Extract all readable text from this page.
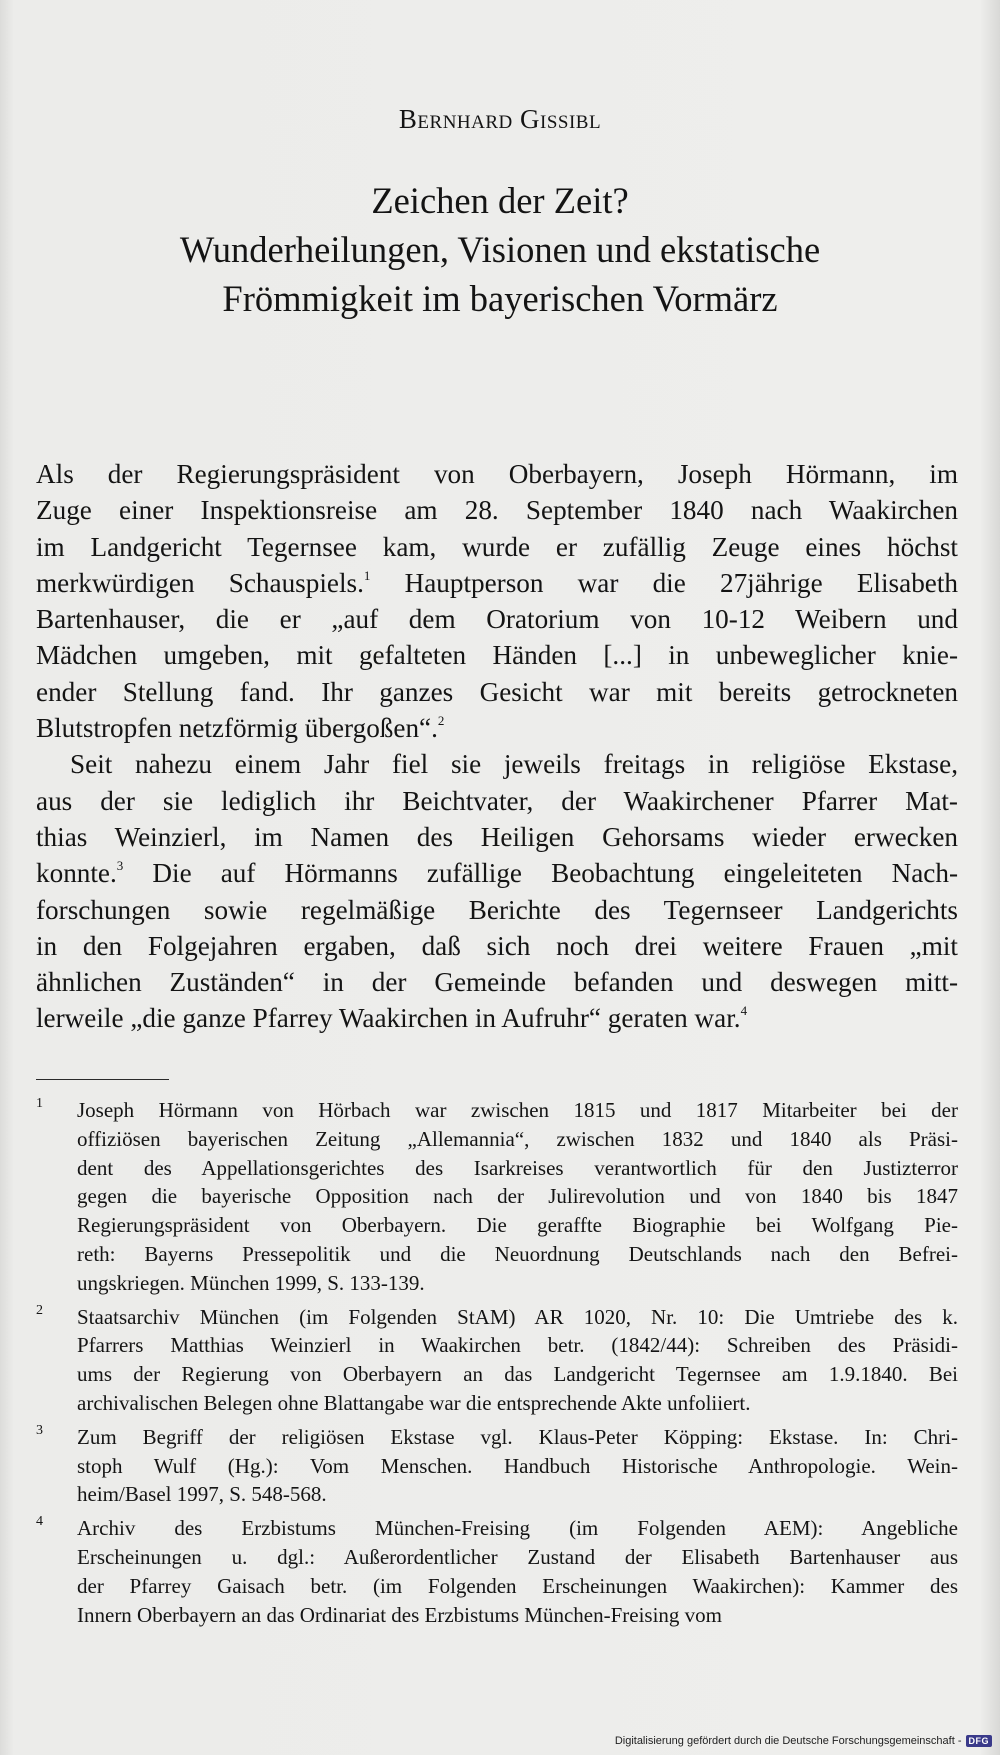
Bernhard Gissibl
Zeichen der Zeit?
Wunderheilungen, Visionen und ekstatische
Frömmigkeit im bayerischen Vormärz
Als der Regierungspräsident von Oberbayern, Joseph Hörmann, im
Zuge einer Inspektionsreise am 28. September 1840 nach Waakirchen
im Landgericht Tegernsee kam, wurde er zufällig Zeuge eines höchst
merkwürdigen Schauspiels.$^1$ Hauptperson war die 27jährige Elisabeth
Bartenhauser, die er „auf dem Oratorium von 10-12 Weibern und
Mädchen umgeben, mit gefalteten Händen [...] in unbeweglicher knie-
ender Stellung fand. Ihr ganzes Gesicht war mit bereits getrockneten
Blutstropfen netzförmig übergoßen“.$^2$
Seit nahezu einem Jahr fiel sie jeweils freitags in religiöse Ekstase,
aus der sie lediglich ihr Beichtvater, der Waakirchener Pfarrer Mat-
thias Weinzierl, im Namen des Heiligen Gehorsams wieder erwecken
konnte.$^3$ Die auf Hörmanns zufällige Beobachtung eingeleiteten Nach-
forschungen sowie regelmäßige Berichte des Tegernseer Landgerichts
in den Folgejahren ergaben, daß sich noch drei weitere Frauen „mit
ähnlichen Zuständen“ in der Gemeinde befanden und deswegen mitt-
lerweile „die ganze Pfarrey Waakirchen in Aufruhr“ geraten war.$^4$
1 Joseph Hörmann von Hörbach war zwischen 1815 und 1817 Mitarbeiter bei der
offiziösen bayerischen Zeitung „Allemannia“, zwischen 1832 und 1840 als Präsi-
dent des Appellationsgerichtes des Isarkreises verantwortlich für den Justizterror
gegen die bayerische Opposition nach der Julirevolution und von 1840 bis 1847
Regierungspräsident von Oberbayern. Die geraffte Biographie bei Wolfgang Pie-
reth: Bayerns Pressepolitik und die Neuordnung Deutschlands nach den Befrei-
ungskriegen. München 1999, S. 133-139.
2 Staatsarchiv München (im Folgenden StAM) AR 1020, Nr. 10: Die Umtriebe des k.
Pfarrers Matthias Weinzierl in Waakirchen betr. (1842/44): Schreiben des Präsidi-
ums der Regierung von Oberbayern an das Landgericht Tegernsee am 1.9.1840. Bei
archivalischen Belegen ohne Blattangabe war die entsprechende Akte unfoliiert.
3 Zum Begriff der religiösen Ekstase vgl. Klaus-Peter Köpping: Ekstase. In: Chri-
stoph Wulf (Hg.): Vom Menschen. Handbuch Historische Anthropologie. Wein-
heim/Basel 1997, S. 548-568.
4 Archiv des Erzbistums München-Freising (im Folgenden AEM): Angebliche
Erscheinungen u. dgl.: Außerordentlicher Zustand der Elisabeth Bartenhauser aus
der Pfarrey Gaisach betr. (im Folgenden Erscheinungen Waakirchen): Kammer des
Innern Oberbayern an das Ordinariat des Erzbistums München-Freising vom
Digitalisierung gefördert durch die Deutsche Forschungsgemeinschaft - DFG
